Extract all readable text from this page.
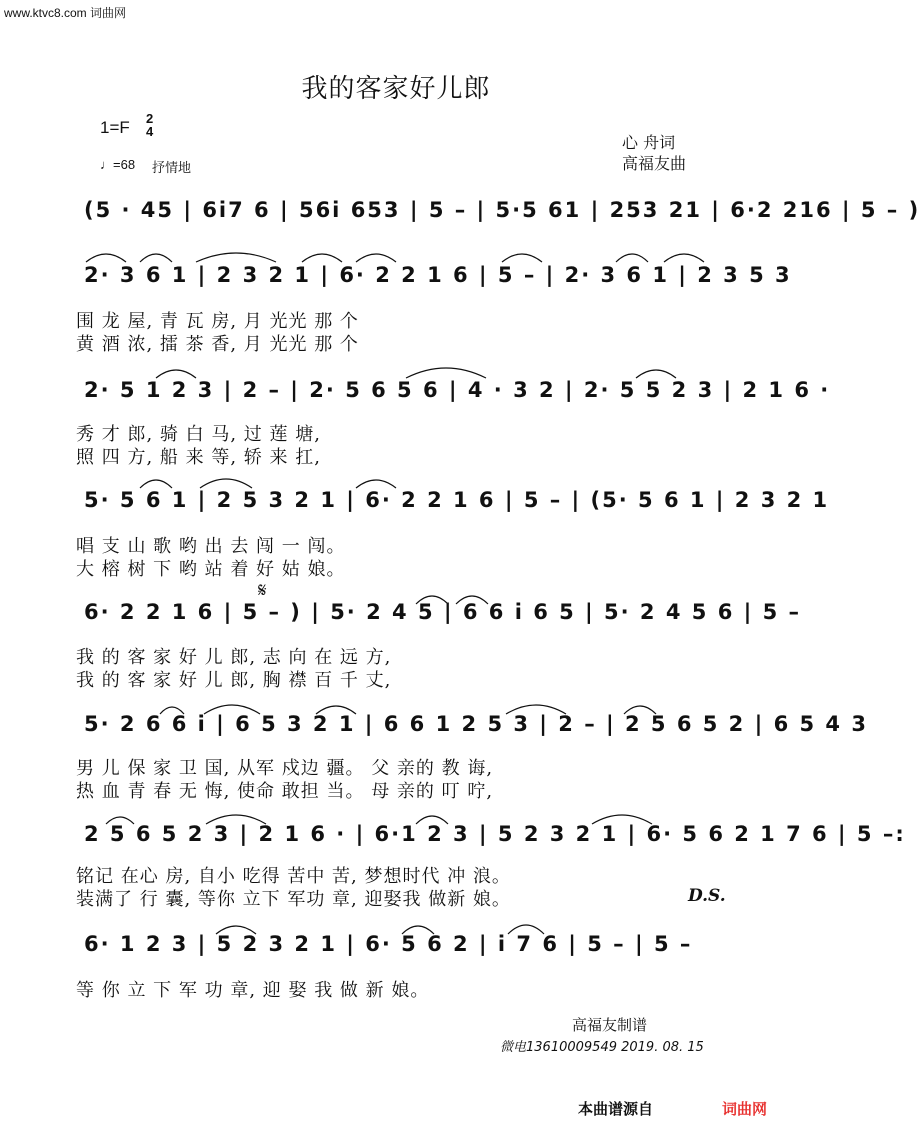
www.ktvc8.com 词曲网
我的客家好儿郎
1=F 2
4
♩=68 抒情地
心 舟词
高福友曲
(5 · 45 | 6i7 6 | 56i 653 | 5 – | 5·5 61 | 253 21 | 6·2 216 | 5 – )
2· 3 6 1 | 2 3 2 1 | 6· 2 2 1 6 | 5 – | 2· 3 6 1 | 2 3 5 3
围 龙 屋, 青 瓦 房, 月 光光 那 个
黄 酒 浓, 擂 茶 香, 月 光光 那 个
2· 5 1 2 3 | 2 – | 2· 5 6 5 6 | 4 · 3 2 | 2· 5 5 2 3 | 2 1 6 ·
秀 才 郎, 骑 白 马, 过 莲 塘,
照 四 方, 船 来 等, 轿 来 扛,
5· 5 6 1 | 2 5 3 2 1 | 6· 2 2 1 6 | 5 – | (5· 5 6 1 | 2 3 2 1
唱 支 山 歌 哟 出 去 闯 一 闯。
大 榕 树 下 哟 站 着 好 姑 娘。
𝄋
6· 2 2 1 6 | 5 – ) | 5· 2 4 5 | 6 6 i 6 5 | 5· 2 4 5 6 | 5 –
我 的 客 家 好 儿 郎, 志 向 在 远 方,
我 的 客 家 好 儿 郎, 胸 襟 百 千 丈,
5· 2 6 6 i | 6 5 3 2 1 | 6 6 1 2 5 3 | 2 – | 2 5 6 5 2 | 6 5 4 3
男 儿 保 家 卫 国, 从军 戍边 疆。 父 亲的 教 诲,
热 血 青 春 无 悔, 使命 敢担 当。 母 亲的 叮 咛,
2 5 6 5 2 3 | 2 1 6 · | 6·1 2 3 | 5 2 3 2 1 | 6· 5 6 2 1 7 6 | 5 –:
铭记 在心 房, 自小 吃得 苦中 苦, 梦想时代 冲 浪。
装满了 行 囊, 等你 立下 军功 章, 迎娶我 做新 娘。	D.S.
6· 1 2 3 | 5 2 3 2 1 | 6· 5 6 2 | i 7 6 | 5 – | 5 –
等 你 立 下 军 功 章, 迎 娶 我 做 新 娘。
高福友制谱
微电13610009549 2019. 08. 15
本曲谱源自	词曲网
